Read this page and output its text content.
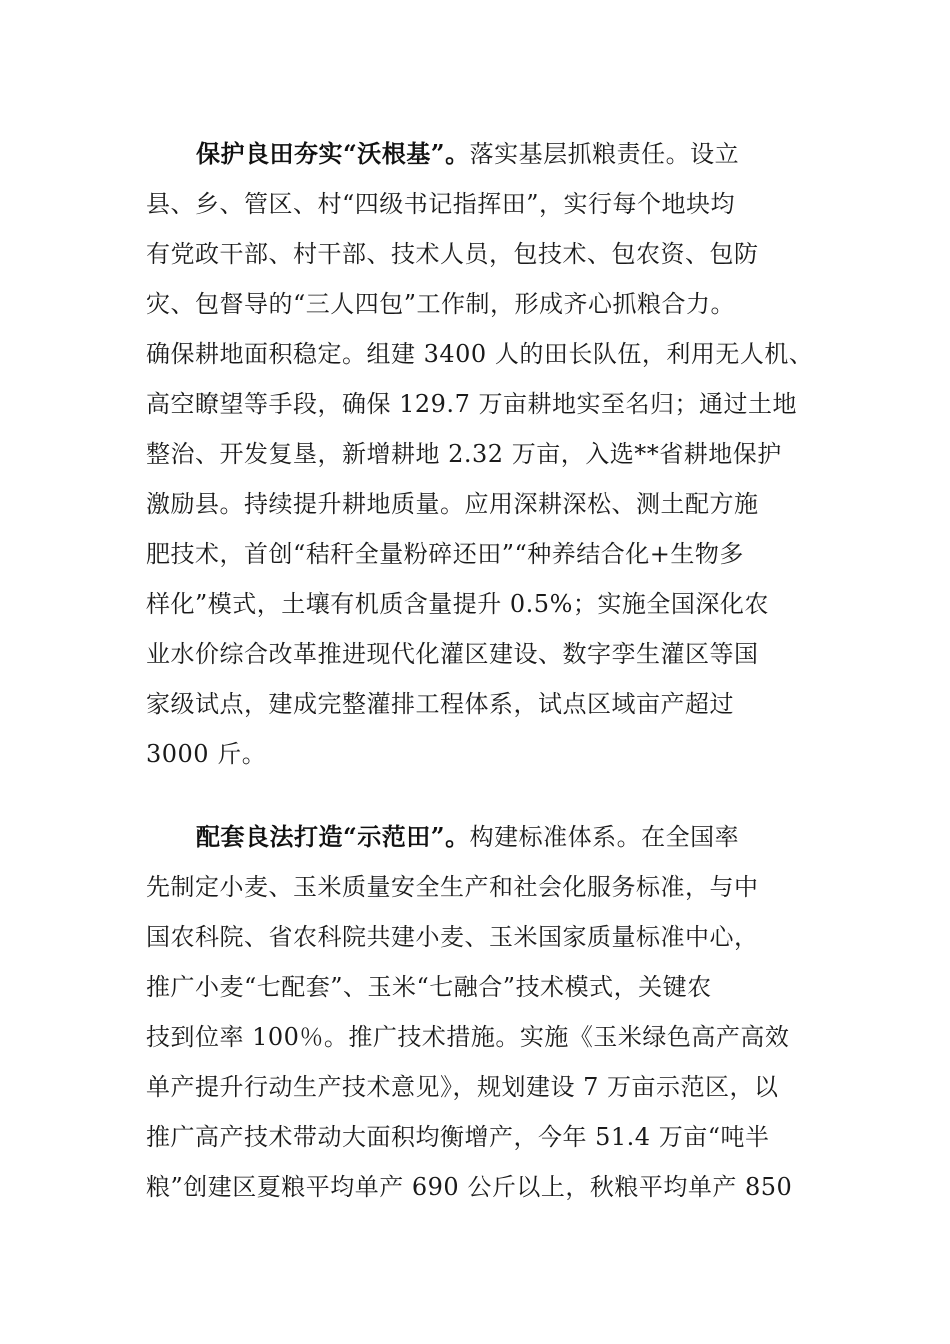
保护良田夯实“沃根基”。落实基层抓粮责任。设立
县、乡、管区、村“四级书记指挥田”，实行每个地块均
有党政干部、村干部、技术人员，包技术、包农资、包防
灾、包督导的“三人四包”工作制，形成齐心抓粮合力。
确保耕地面积稳定。组建 3400 人的田长队伍，利用无人机、
高空瞭望等手段，确保 129.7 万亩耕地实至名归；通过土地
整治、开发复垦，新增耕地 2.32 万亩，入选**省耕地保护
激励县。持续提升耕地质量。应用深耕深松、测土配方施
肥技术，首创“秸秆全量粉碎还田”“种养结合化+生物多
样化”模式，土壤有机质含量提升 0.5%；实施全国深化农
业水价综合改革推进现代化灌区建设、数字孪生灌区等国
家级试点，建成完整灌排工程体系，试点区域亩产超过
3000 斤。
配套良法打造“示范田”。构建标准体系。在全国率
先制定小麦、玉米质量安全生产和社会化服务标准，与中
国农科院、省农科院共建小麦、玉米国家质量标准中心，
推广小麦“七配套”、玉米“七融合”技术模式，关键农
技到位率 100％。推广技术措施。实施《玉米绿色高产高效
单产提升行动生产技术意见》，规划建设 7 万亩示范区，以
推广高产技术带动大面积均衡增产，今年 51.4 万亩“吨半
粮”创建区夏粮平均单产 690 公斤以上，秋粮平均单产 850
